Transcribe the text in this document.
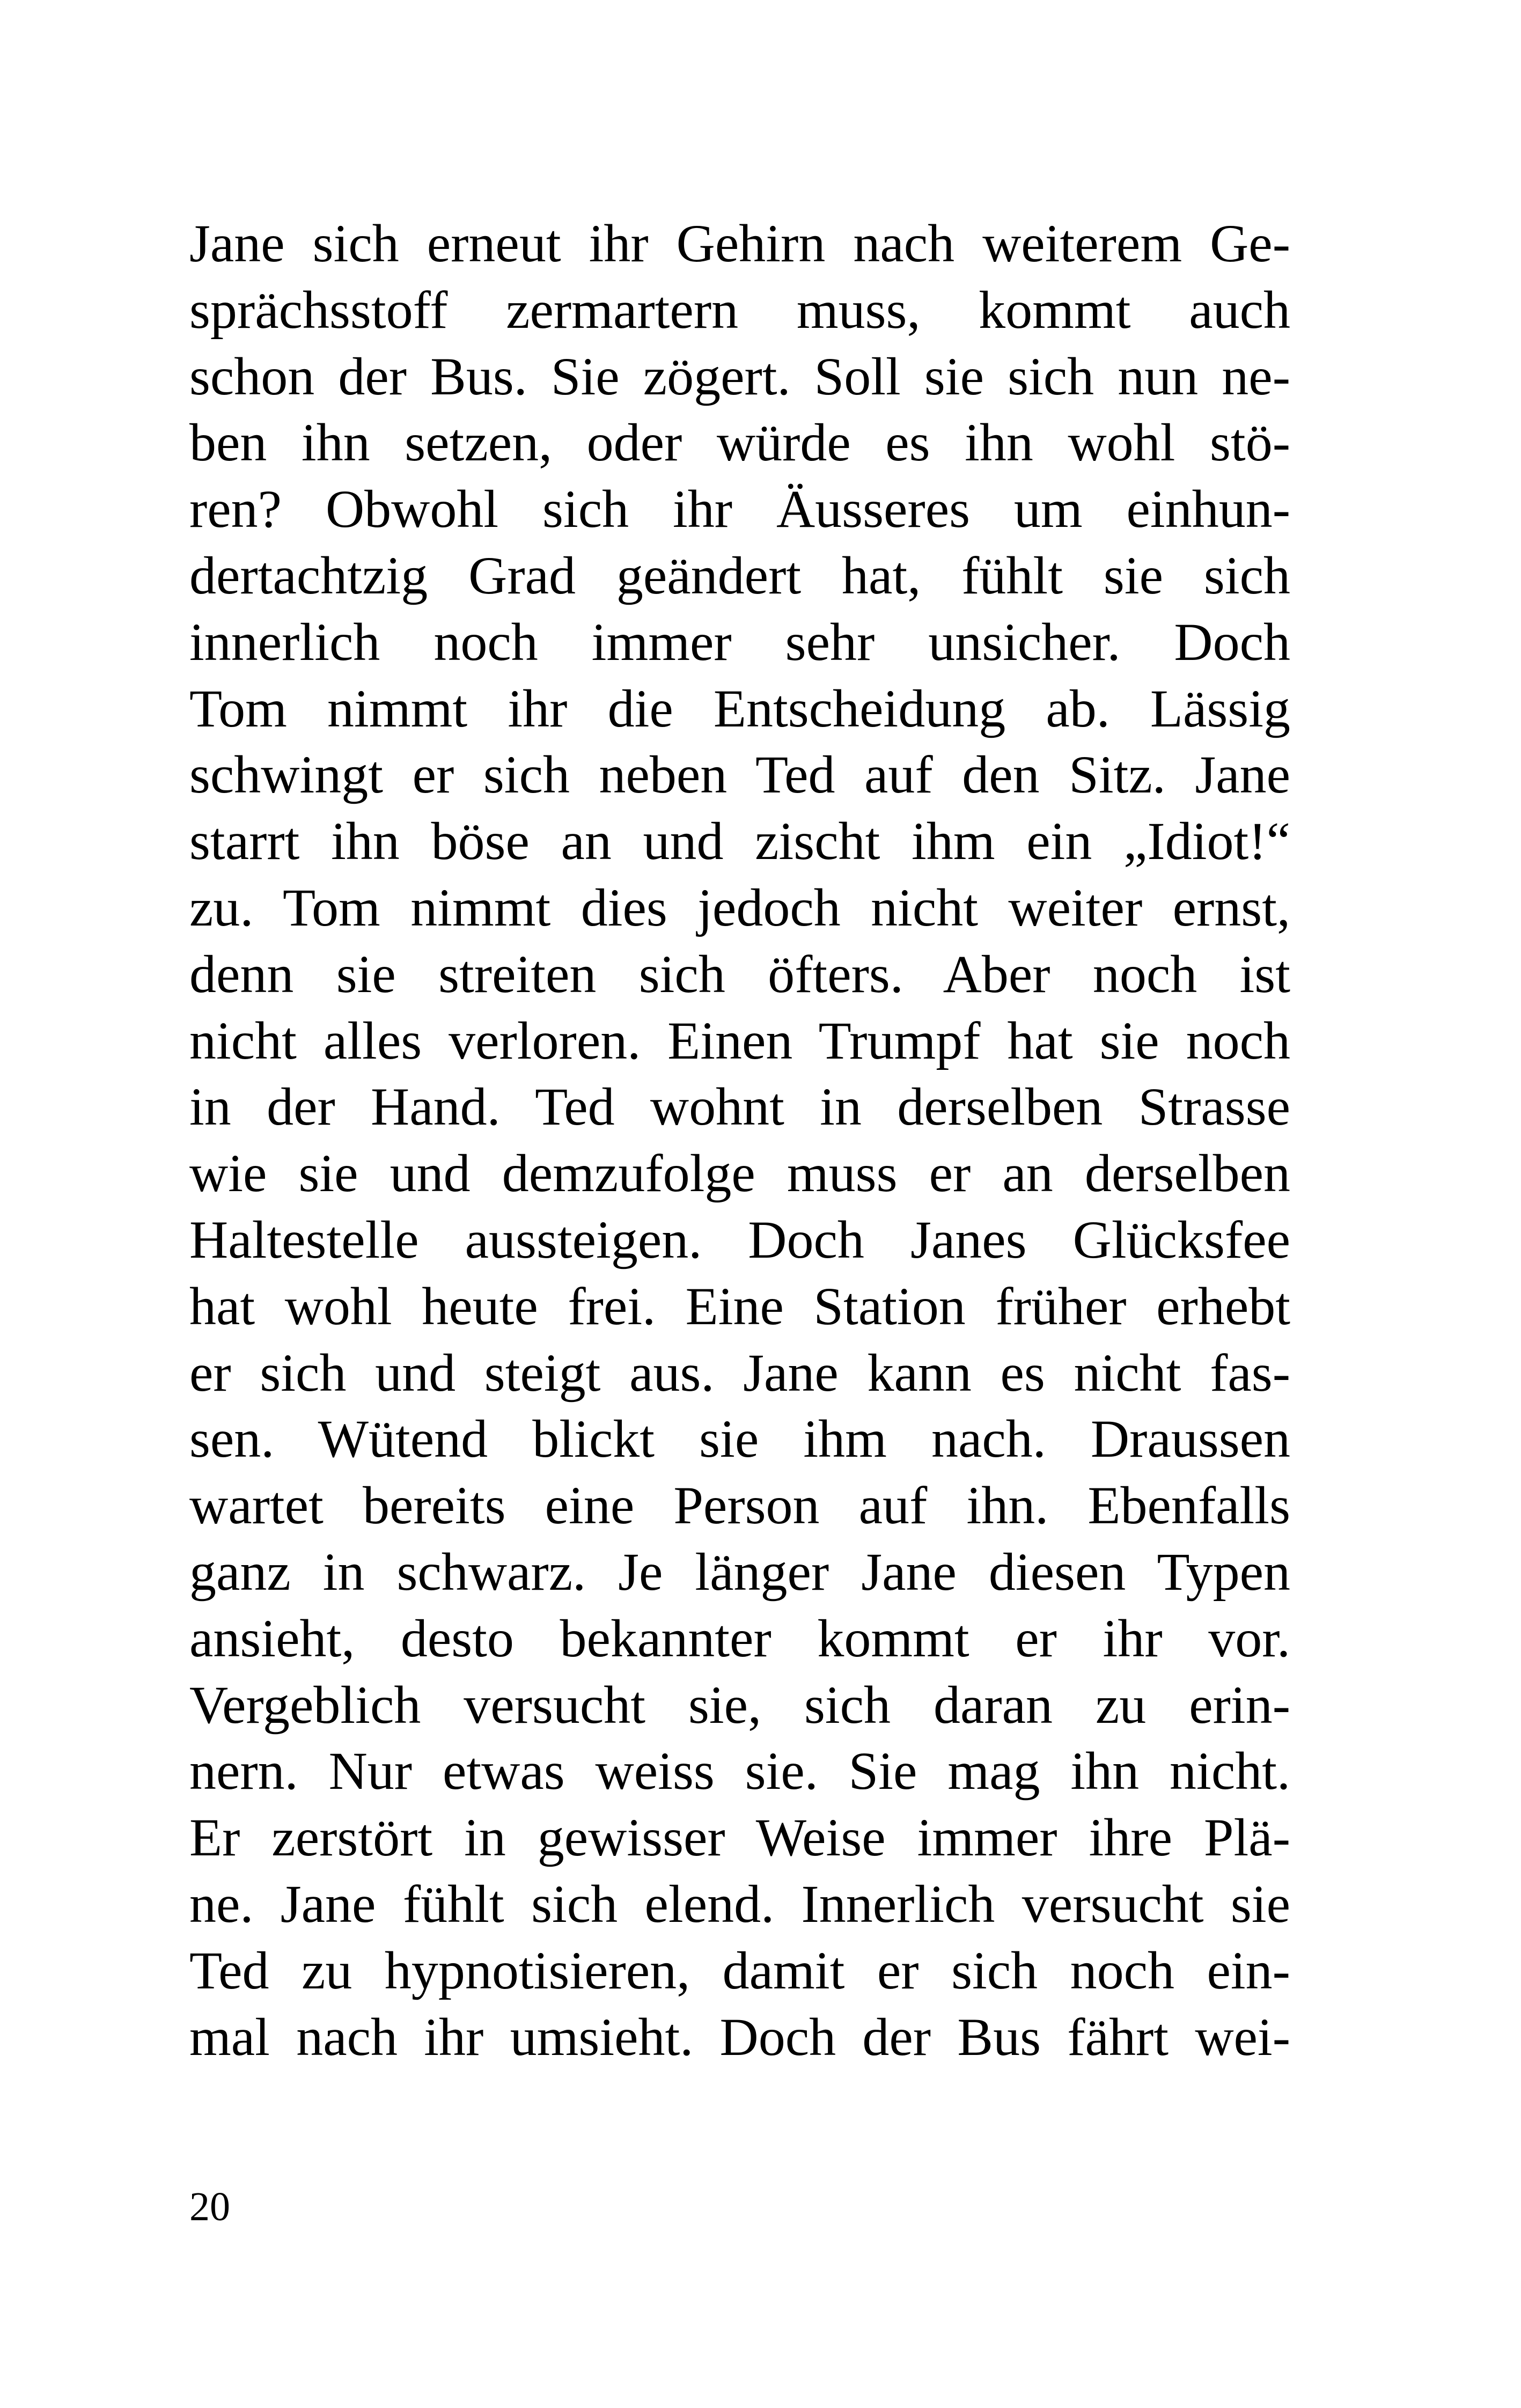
Jane sich erneut ihr Gehirn nach weiterem Ge-
sprächsstoff zermartern muss, kommt auch
schon der Bus. Sie zögert. Soll sie sich nun ne-
ben ihn setzen, oder würde es ihn wohl stö-
ren? Obwohl sich ihr Äusseres um einhun-
dertachtzig Grad geändert hat, fühlt sie sich
innerlich noch immer sehr unsicher. Doch
Tom nimmt ihr die Entscheidung ab. Lässig
schwingt er sich neben Ted auf den Sitz. Jane
starrt ihn böse an und zischt ihm ein „Idiot!“
zu. Tom nimmt dies jedoch nicht weiter ernst,
denn sie streiten sich öfters. Aber noch ist
nicht alles verloren. Einen Trumpf hat sie noch
in der Hand. Ted wohnt in derselben Strasse
wie sie und demzufolge muss er an derselben
Haltestelle aussteigen. Doch Janes Glücksfee
hat wohl heute frei. Eine Station früher erhebt
er sich und steigt aus. Jane kann es nicht fas-
sen. Wütend blickt sie ihm nach. Draussen
wartet bereits eine Person auf ihn. Ebenfalls
ganz in schwarz. Je länger Jane diesen Typen
ansieht, desto bekannter kommt er ihr vor.
Vergeblich versucht sie, sich daran zu erin-
nern. Nur etwas weiss sie. Sie mag ihn nicht.
Er zerstört in gewisser Weise immer ihre Plä-
ne. Jane fühlt sich elend. Innerlich versucht sie
Ted zu hypnotisieren, damit er sich noch ein-
mal nach ihr umsieht. Doch der Bus fährt wei-
20
